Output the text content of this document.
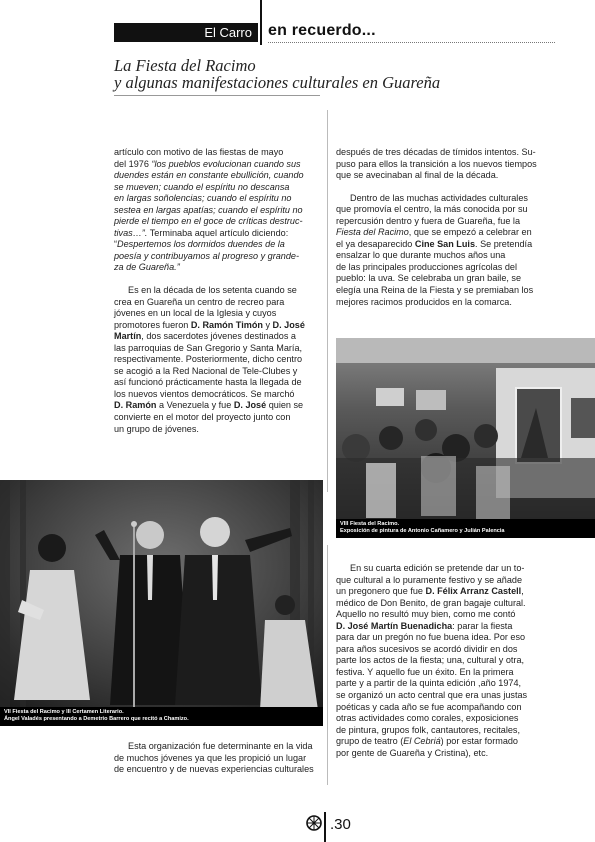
El Carro	en recuerdo...
La Fiesta del Racimo
y algunas manifestaciones culturales en Guareña
artículo con motivo de las fiestas de mayo
del 1976 “los pueblos evolucionan cuando sus
duendes están en constante ebullición, cuando
se mueven; cuando el espíritu no descansa
en largas soñolencias; cuando el espíritu no
sestea en largas apatías; cuando el espíritu no
pierde el tiempo en el goce de críticas destruc-
tivas…”. Terminaba aquel artículo diciendo:
“Despertemos los dormidos duendes de la
poesía y contribuyamos al progreso y grande-
za de Guareña.”
Es en la década de los setenta cuando se
crea en Guareña un centro de recreo para
jóvenes en un local de la Iglesia y cuyos
promotores fueron D. Ramón Timón y D. José
Martín, dos sacerdotes jóvenes destinados a
las parroquias de San Gregorio y Santa María,
respectivamente. Posteriormente, dicho centro
se acogió a la Red Nacional de Tele-Clubes y
así funcionó prácticamente hasta la llegada de
los nuevos vientos democráticos. Se marchó
D. Ramón a Venezuela y fue D. José quien se
convierte en el motor del proyecto junto con
un grupo de jóvenes.
después de tres décadas de tímidos intentos. Su-
puso para ellos la transición a los nuevos tiempos
que se avecinaban al final de la década.
Dentro de las muchas actividades culturales
que promovía el centro, la más conocida por su
repercusión dentro y fuera de Guareña, fue la
Fiesta del Racimo, que se empezó a celebrar en
el ya desaparecido Cine San Luis. Se pretendía
ensalzar lo que durante muchos años una
de las principales producciones agrícolas del
pueblo: la uva. Se celebraba un gran baile, se
elegía una Reina de la Fiesta y se premiaban los
mejores racimos producidos en la comarca.
VIII Fiesta del Racimo.
Exposición de pintura de Antonio Cañamero y Julián Palencia
VII Fiesta del Racimo y III Certamen Literario.
Ángel Valadés presentando a Demetrio Barrero que recitó a Chamizo.
Esta organización fue determinante en la vida
de muchos jóvenes ya que les propició un lugar
de encuentro y de nuevas experiencias culturales
En su cuarta edición se pretende dar un to-
que cultural a lo puramente festivo y se añade
un pregonero que fue D. Félix Arranz Castell,
médico de Don Benito, de gran bagaje cultural.
Aquello no resultó muy bien, como me contó
D. José Martín Buenadicha: parar la fiesta
para dar un pregón no fue buena idea. Por eso
para años sucesivos se acordó dividir en dos
parte los actos de la fiesta; una, cultural y otra,
festiva. Y aquello fue un éxito. En la primera
parte y a partir de la quinta edición ,año 1974,
se organizó un acto central que era unas justas
poéticas y cada año se fue acompañando con
otras actividades como corales, exposiciones
de pintura, grupos folk, cantautores, recitales,
grupo de teatro (El Cebriá) por estar formado
por gente de Guareña y Cristina), etc.
.30
